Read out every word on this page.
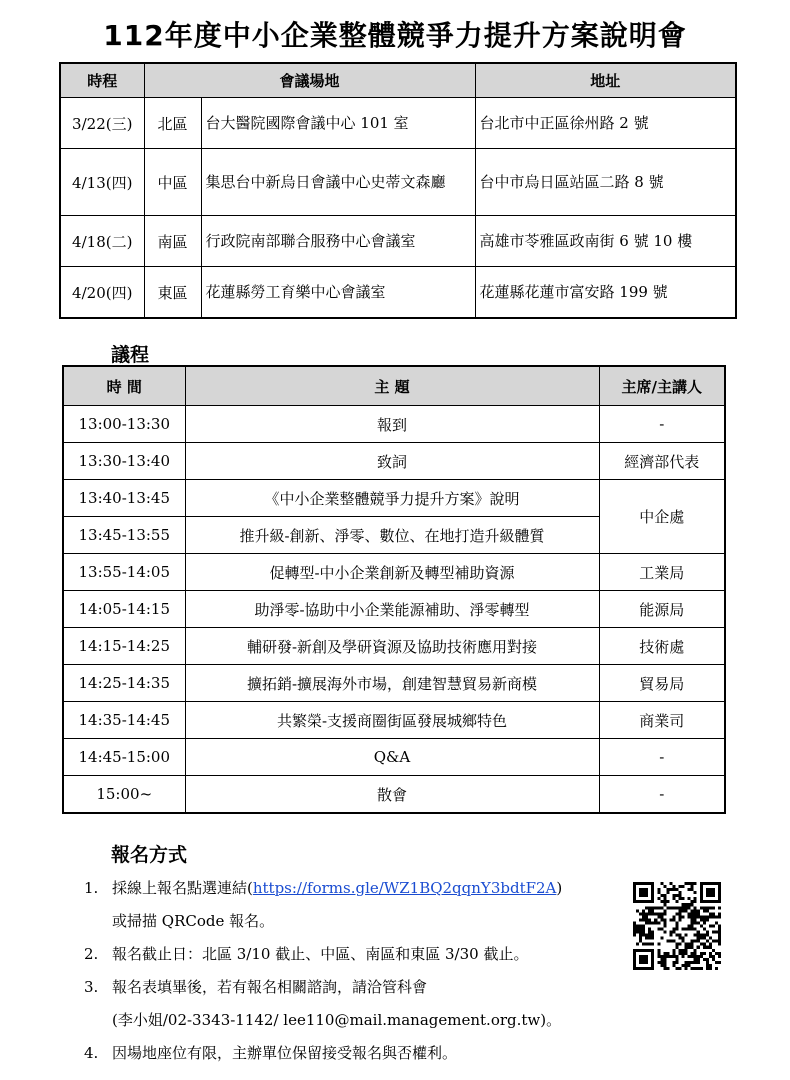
112年度中小企業整體競爭力提升方案說明會
時程	會議場地		地址
3/22(三)	北區	台大醫院國際會議中心 101 室	台北市中正區徐州路 2 號
4/13(四)	中區	集思台中新烏日會議中心史蒂文森廳	台中市烏日區站區二路 8 號
4/18(二)	南區	行政院南部聯合服務中心會議室	高雄市苓雅區政南街 6 號 10 樓
4/20(四)	東區	花蓮縣勞工育樂中心會議室	花蓮縣花蓮市富安路 199 號
議程
時 間	主 題	主席/主講人
13:00-13:30	報到	-
13:30-13:40	致詞	經濟部代表
13:40-13:45	《中小企業整體競爭力提升方案》說明	中企處
13:45-13:55	推升級-創新、淨零、數位、在地打造升級體質	
13:55-14:05	促轉型-中小企業創新及轉型補助資源	工業局
14:05-14:15	助淨零-協助中小企業能源補助、淨零轉型	能源局
14:15-14:25	輔研發-新創及學研資源及協助技術應用對接	技術處
14:25-14:35	擴拓銷-擴展海外市場，創建智慧貿易新商模	貿易局
14:35-14:45	共繁榮-支援商圈街區發展城鄉特色	商業司
14:45-15:00	Q&A	-
15:00~	散會	-
報名方式
1. 採線上報名點選連結(https://forms.gle/WZ1BQ2qqnY3bdtF2A)
或掃描 QRCode 報名。
2. 報名截止日：北區 3/10 截止、中區、南區和東區 3/30 截止。
3. 報名表填畢後，若有報名相關諮詢，請洽管科會
(李小姐/02-3343-1142/ lee110@mail.management.org.tw)。
4. 因場地座位有限，主辦單位保留接受報名與否權利。
